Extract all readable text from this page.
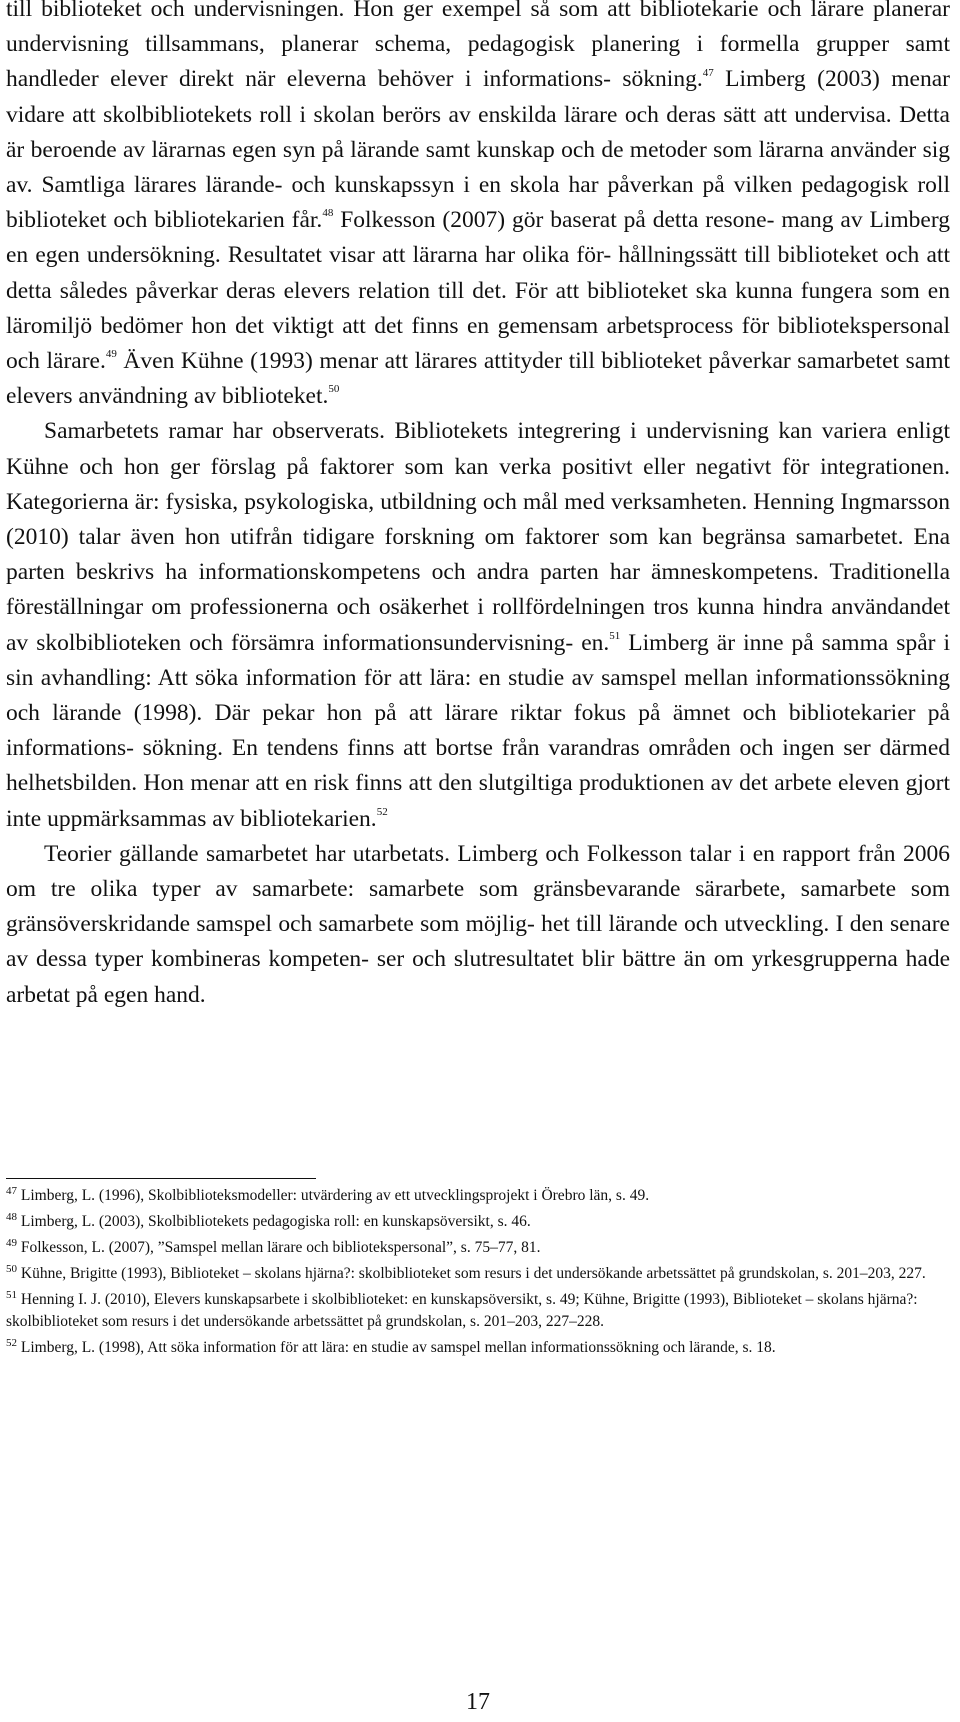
till biblioteket och undervisningen. Hon ger exempel så som att bibliotekarie och lärare planerar undervisning tillsammans, planerar schema, pedagogisk planering i formella grupper samt handleder elever direkt när eleverna behöver i informations- sökning.$^{47}$ Limberg (2003) menar vidare att skolbibliotekets roll i skolan berörs av enskilda lärare och deras sätt att undervisa. Detta är beroende av lärarnas egen syn på lärande samt kunskap och de metoder som lärarna använder sig av. Samtliga lärares lärande- och kunskapssyn i en skola har påverkan på vilken pedagogisk roll biblioteket och bibliotekarien får.$^{48}$ Folkesson (2007) gör baserat på detta resone- mang av Limberg en egen undersökning. Resultatet visar att lärarna har olika för- hållningssätt till biblioteket och att detta således påverkar deras elevers relation till det. För att biblioteket ska kunna fungera som en läromiljö bedömer hon det viktigt att det finns en gemensam arbetsprocess för bibliotekspersonal och lärare.$^{49}$ Även Kühne (1993) menar att lärares attityder till biblioteket påverkar samarbetet samt elevers användning av biblioteket.$^{50}$

Samarbetets ramar har observerats. Bibliotekets integrering i undervisning kan variera enligt Kühne och hon ger förslag på faktorer som kan verka positivt eller negativt för integrationen. Kategorierna är: fysiska, psykologiska, utbildning och mål med verksamheten. Henning Ingmarsson (2010) talar även hon utifrån tidigare forskning om faktorer som kan begränsa samarbetet. Ena parten beskrivs ha informationskompetens och andra parten har ämneskompetens. Traditionella föreställningar om professionerna och osäkerhet i rollfördelningen tros kunna hindra användandet av skolbiblioteken och försämra informationsundervisning- en.$^{51}$ Limberg är inne på samma spår i sin avhandling: Att söka information för att lära: en studie av samspel mellan informationssökning och lärande (1998). Där pekar hon på att lärare riktar fokus på ämnet och bibliotekarier på informations- sökning. En tendens finns att bortse från varandras områden och ingen ser därmed helhetsbilden. Hon menar att en risk finns att den slutgiltiga produktionen av det arbete eleven gjort inte uppmärksammas av bibliotekarien.$^{52}$

Teorier gällande samarbetet har utarbetats. Limberg och Folkesson talar i en rapport från 2006 om tre olika typer av samarbete: samarbete som gränsbevarande särarbete, samarbete som gränsöverskridande samspel och samarbete som möjlig- het till lärande och utveckling. I den senare av dessa typer kombineras kompeten- ser och slutresultatet blir bättre än om yrkesgrupperna hade arbetat på egen hand.

$^{47}$ Limberg, L. (1996), Skolbiblioteksmodeller: utvärdering av ett utvecklingsprojekt i Örebro län, s. 49.
$^{48}$ Limberg, L. (2003), Skolbibliotekets pedagogiska roll: en kunskapsöversikt, s. 46.
$^{49}$ Folkesson, L. (2007), ”Samspel mellan lärare och bibliotekspersonal”, s. 75–77, 81.
$^{50}$ Kühne, Brigitte (1993), Biblioteket – skolans hjärna?: skolbiblioteket som resurs i det undersökande arbetssättet på grundskolan, s. 201–203, 227.
$^{51}$ Henning I. J. (2010), Elevers kunskapsarbete i skolbiblioteket: en kunskapsöversikt, s. 49; Kühne, Brigitte (1993), Biblioteket – skolans hjärna?: skolbiblioteket som resurs i det undersökande arbetssättet på grundskolan, s. 201–203, 227–228.
$^{52}$ Limberg, L. (1998), Att söka information för att lära: en studie av samspel mellan informationssökning och lärande, s. 18.
17
